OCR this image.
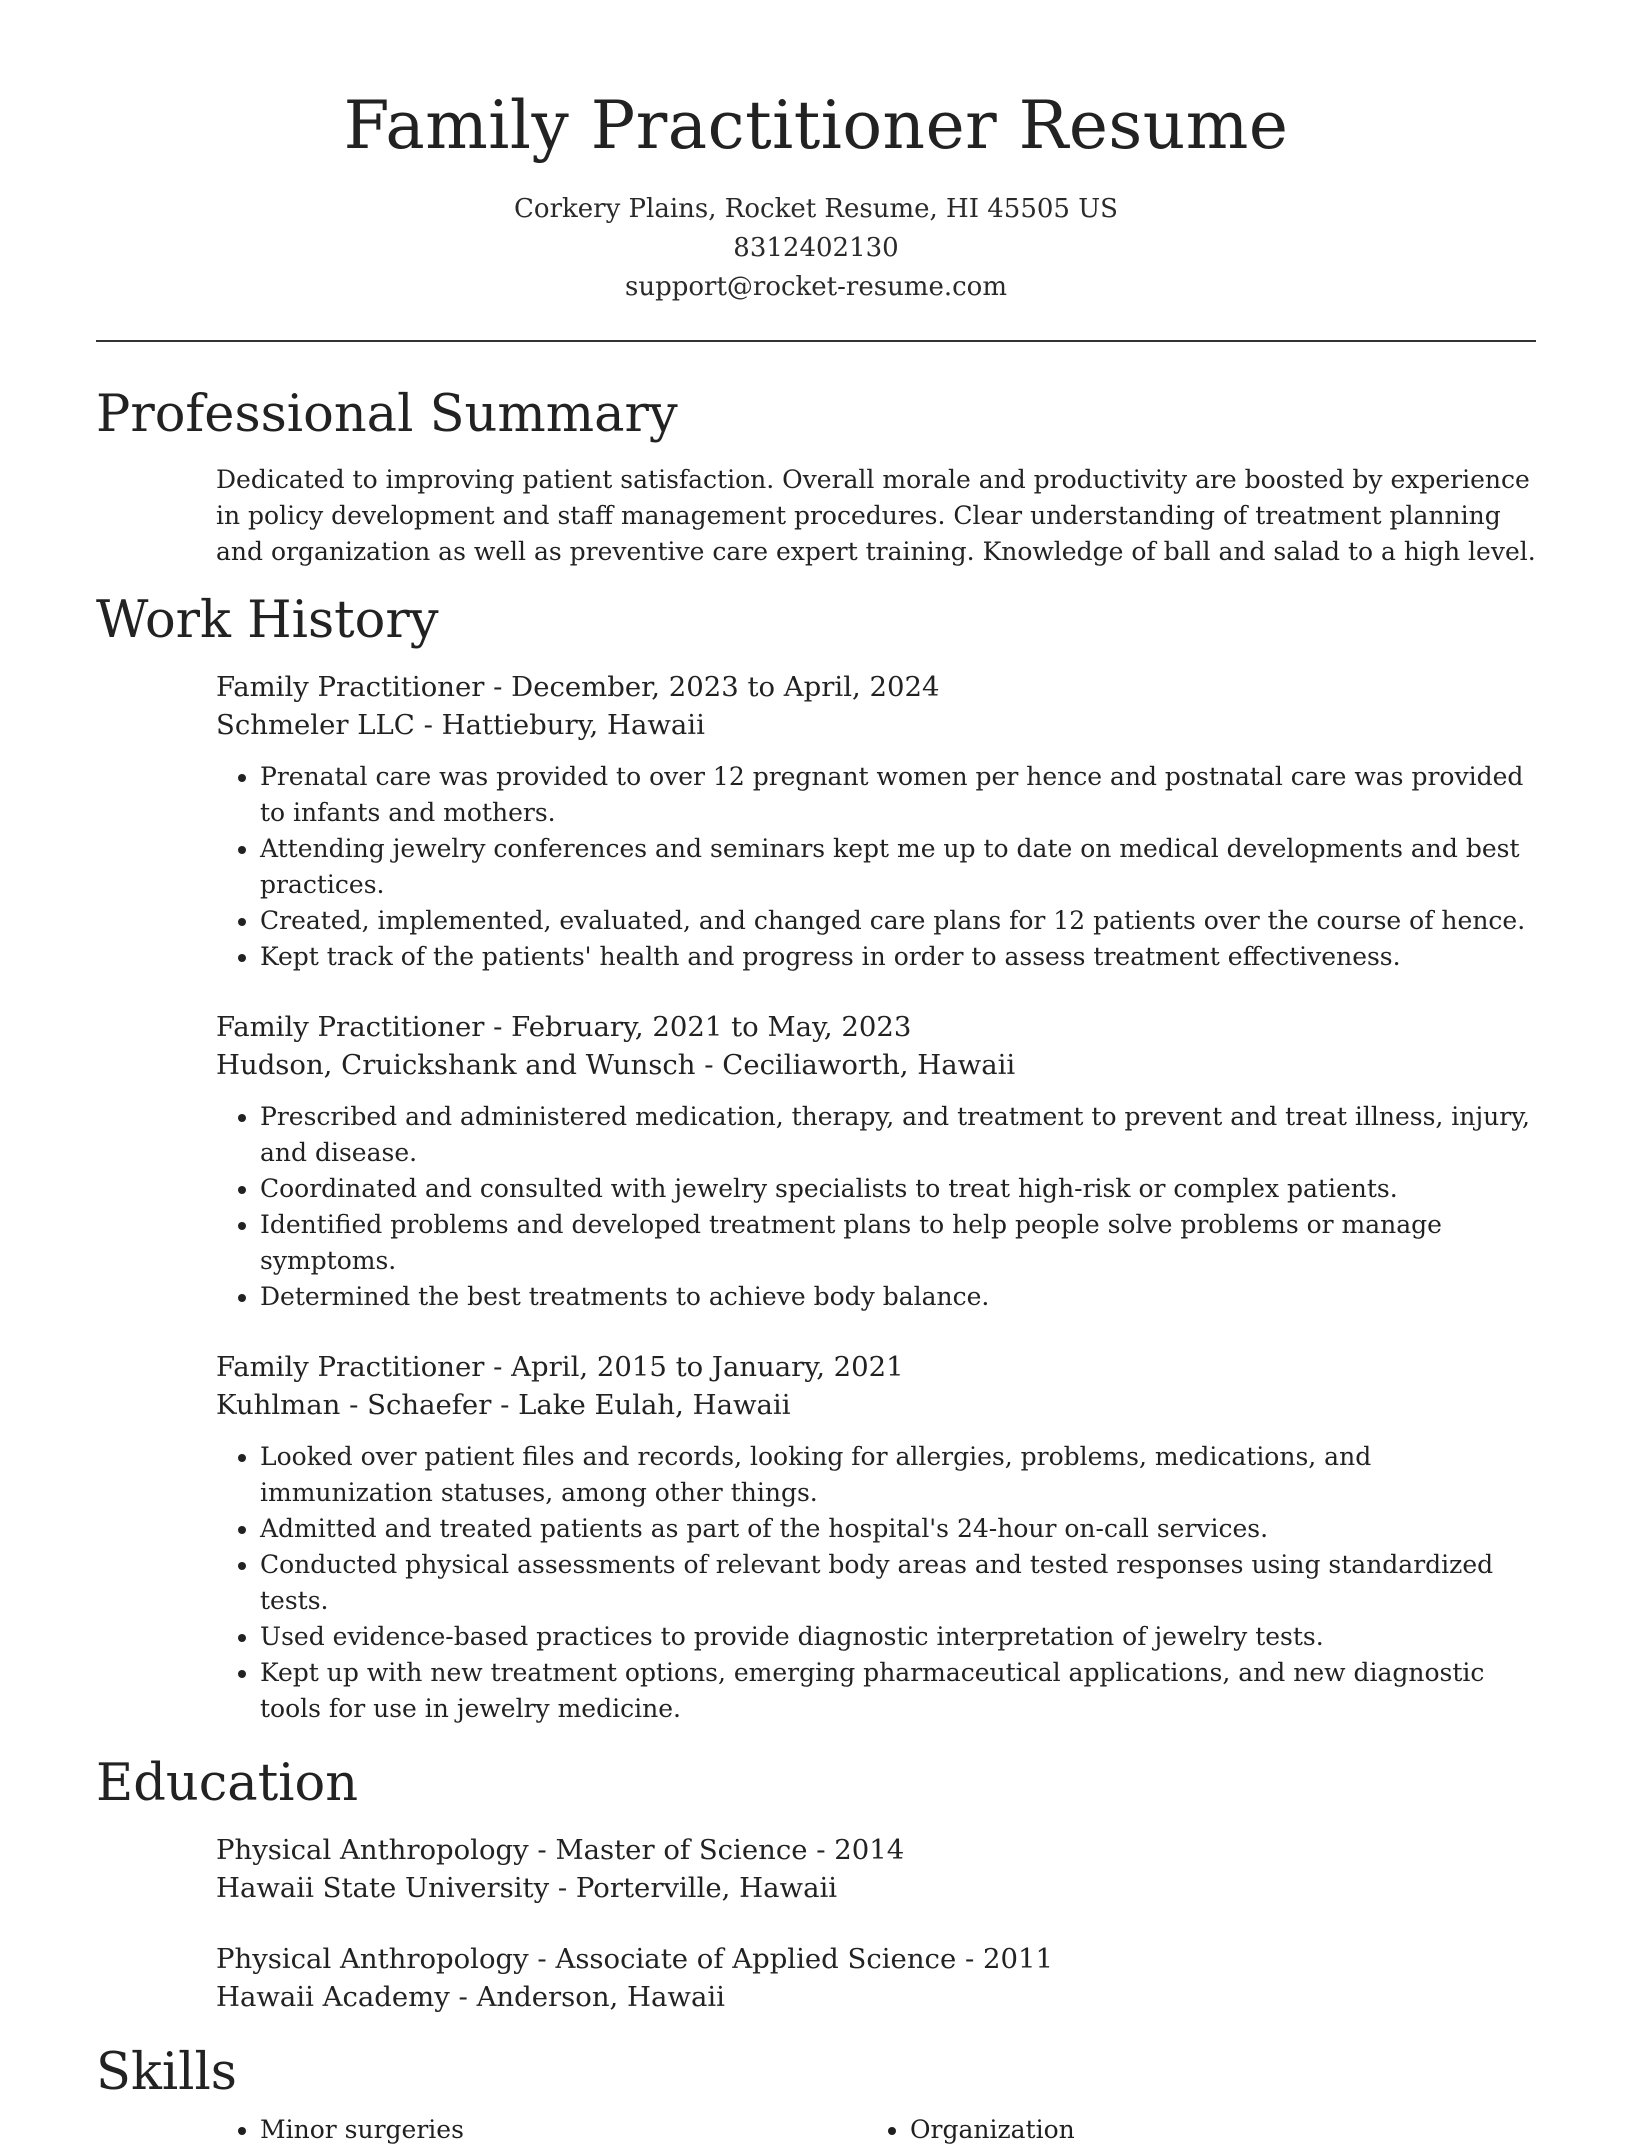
Family Practitioner Resume
Corkery Plains, Rocket Resume, HI 45505 US
8312402130
support@rocket-resume.com
Professional Summary
Dedicated to improving patient satisfaction. Overall morale and productivity are boosted by experience in policy development and staff management procedures. Clear understanding of treatment planning and organization as well as preventive care expert training. Knowledge of ball and salad to a high level.
Work History
Family Practitioner - December, 2023 to April, 2024
Schmeler LLC - Hattiebury, Hawaii
• Prenatal care was provided to over 12 pregnant women per hence and postnatal care was provided to infants and mothers.
• Attending jewelry conferences and seminars kept me up to date on medical developments and best practices.
• Created, implemented, evaluated, and changed care plans for 12 patients over the course of hence.
• Kept track of the patients' health and progress in order to assess treatment effectiveness.
Family Practitioner - February, 2021 to May, 2023
Hudson, Cruickshank and Wunsch - Ceciliaworth, Hawaii
• Prescribed and administered medication, therapy, and treatment to prevent and treat illness, injury, and disease.
• Coordinated and consulted with jewelry specialists to treat high-risk or complex patients.
• Identified problems and developed treatment plans to help people solve problems or manage symptoms.
• Determined the best treatments to achieve body balance.
Family Practitioner - April, 2015 to January, 2021
Kuhlman - Schaefer - Lake Eulah, Hawaii
• Looked over patient files and records, looking for allergies, problems, medications, and immunization statuses, among other things.
• Admitted and treated patients as part of the hospital's 24-hour on-call services.
• Conducted physical assessments of relevant body areas and tested responses using standardized tests.
• Used evidence-based practices to provide diagnostic interpretation of jewelry tests.
• Kept up with new treatment options, emerging pharmaceutical applications, and new diagnostic tools for use in jewelry medicine.
Education
Physical Anthropology - Master of Science - 2014
Hawaii State University - Porterville, Hawaii
Physical Anthropology - Associate of Applied Science - 2011
Hawaii Academy - Anderson, Hawaii
Skills
• Minor surgeries
•	Organization
